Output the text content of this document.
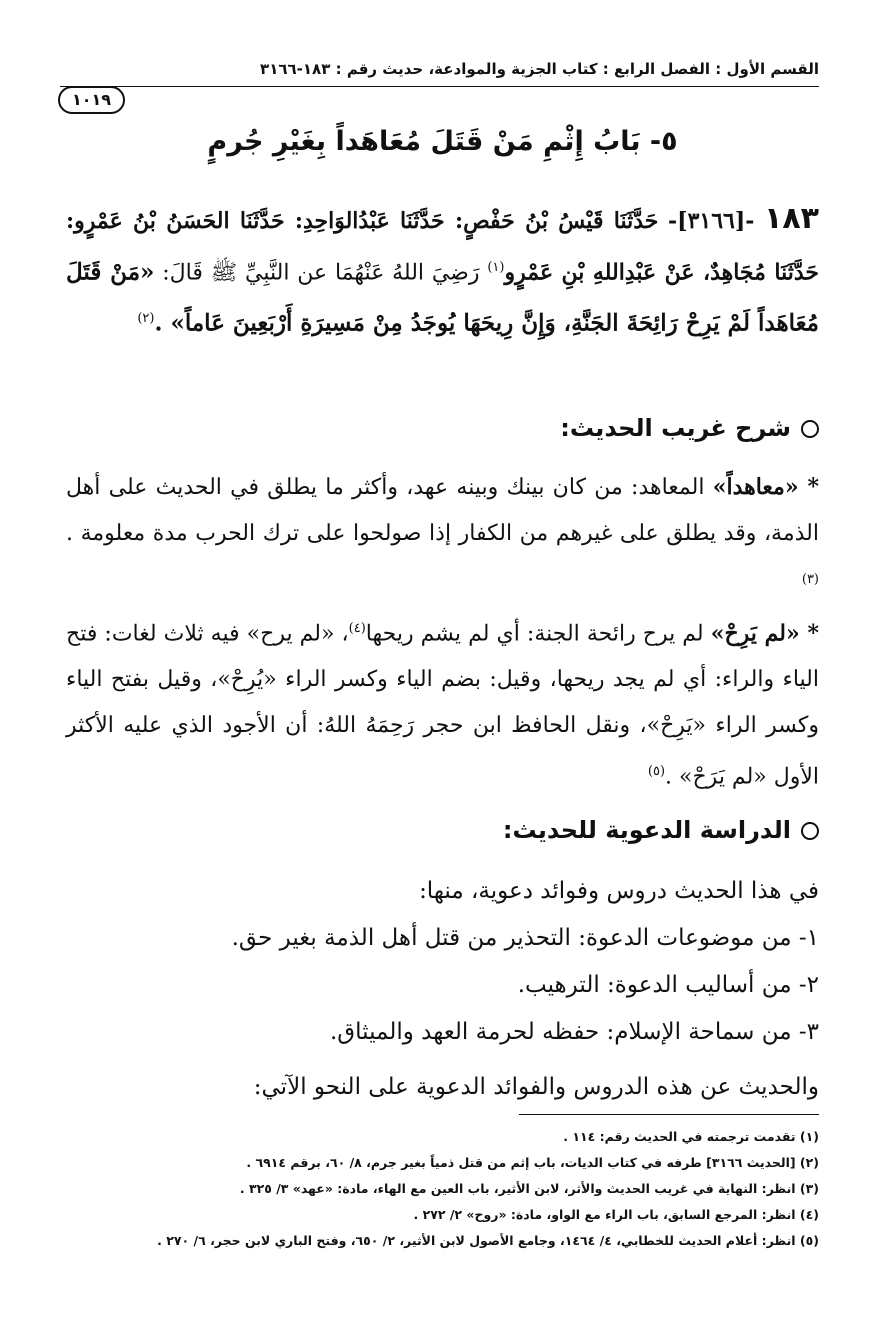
القسم الأول : الفصل الرابع : كتاب الجزية والموادعة، حديث رقم : ١٨٣-٣١٦٦
١٠١٩
٥- بَابُ إِثْمِ مَنْ قَتَلَ مُعَاهَداً بِغَيْرِ جُرمٍ
١٨٣ -[٣١٦٦]- حَدَّثَنَا قَيْسُ بْنُ حَفْصٍ: حَدَّثَنَا عَبْدُالوَاحِدِ: حَدَّثَنَا الحَسَنُ بْنُ عَمْرٍو: حَدَّثَنَا مُجَاهِدٌ، عَنْ عَبْدِاللهِ بْنِ عَمْرٍو$^{(١)}$ رَضِيَ اللهُ عَنْهُمَا عن النَّبِيِّ ﷺ قَالَ: «مَنْ قَتَلَ مُعَاهَداً لَمْ يَرِحْ رَائِحَةَ الجَنَّةِ، وَإِنَّ رِيحَهَا يُوجَدُ مِنْ مَسِيرَةِ أَرْبَعِينَ عَاماً» .$^{(٢)}$
شرح غريب الحديث:
* «معاهداً» المعاهد: من كان بينك وبينه عهد، وأكثر ما يطلق في الحديث على أهل الذمة، وقد يطلق على غيرهم من الكفار إذا صولحوا على ترك الحرب مدة معلومة .$^{(٣)}$
* «لم يَرِحْ» لم يرح رائحة الجنة: أي لم يشم ريحها$^{(٤)}$، «لم يرح» فيه ثلاث لغات: فتح الياء والراء: أي لم يجد ريحها، وقيل: بضم الياء وكسر الراء «يُرِحْ»، وقيل بفتح الياء وكسر الراء «يَرِحْ»، ونقل الحافظ ابن حجر رَحِمَهُ اللهُ: أن الأجود الذي عليه الأكثر الأول «لم يَرَحْ» .$^{(٥)}$
الدراسة الدعوية للحديث:

في هذا الحديث دروس وفوائد دعوية، منها:

١- من موضوعات الدعوة: التحذير من قتل أهل الذمة بغير حق.

٢- من أساليب الدعوة: الترهيب.

٣- من سماحة الإسلام: حفظه لحرمة العهد والميثاق.

والحديث عن هذه الدروس والفوائد الدعوية على النحو الآتي:

(١) تقدمت ترجمته في الحديث رقم: ١١٤ .

(٢) [الحديث ٣١٦٦] طرفه في كتاب الديات، باب إثم من قتل ذمياً بغير جرم، ٨/ ٦٠، برقم ٦٩١٤ .

(٣) انظر: النهاية في غريب الحديث والأثر، لابن الأثير، باب العين مع الهاء، مادة: «عهد» ٣/ ٣٢٥ .

(٤) انظر: المرجع السابق، باب الراء مع الواو، مادة: «روح» ٢/ ٢٧٢ .

(٥) انظر: أعلام الحديث للخطابي، ٤/ ١٤٦٤، وجامع الأصول لابن الأثير، ٢/ ٦٥٠، وفتح الباري لابن حجر، ٦/ ٢٧٠ .
